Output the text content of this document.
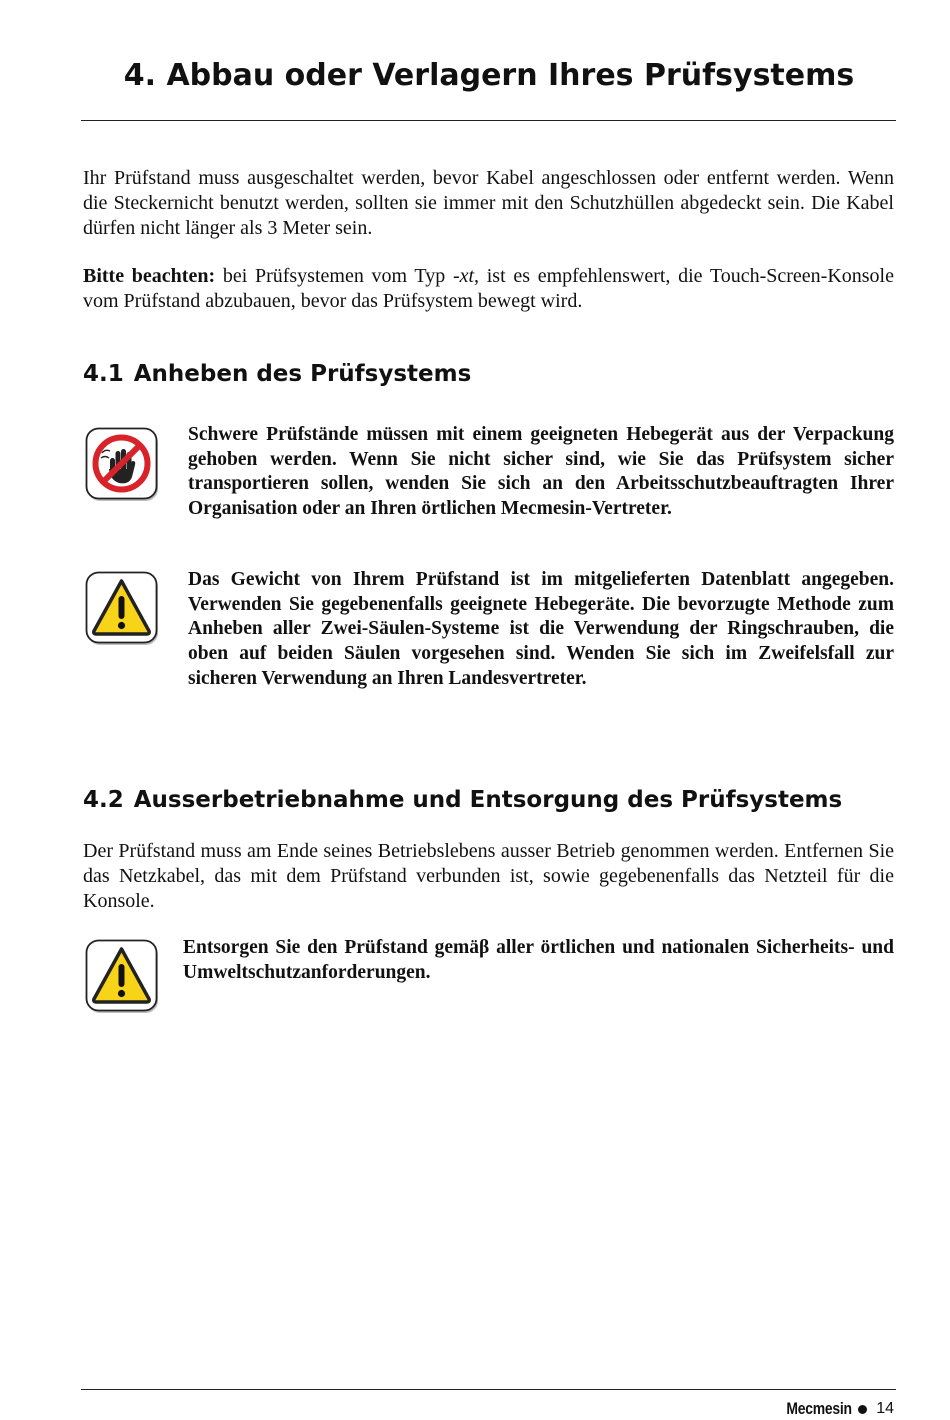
4. Abbau oder Verlagern Ihres Prüfsystems

Ihr Prüfstand muss ausgeschaltet werden, bevor Kabel angeschlossen oder entfernt werden. Wenn die Steckernicht benutzt werden, sollten sie immer mit den Schutzhüllen abgedeckt sein. Die Kabel dürfen nicht länger als 3 Meter sein.

Bitte beachten: bei Prüfsystemen vom Typ -xt, ist es empfehlenswert, die Touch-Screen-Konsole vom Prüfstand abzubauen, bevor das Prüfsystem bewegt wird.

4.1 Anheben des Prüfsystems

Schwere Prüfstände müssen mit einem geeigneten Hebegerät aus der Verpackung gehoben werden. Wenn Sie nicht sicher sind, wie Sie das Prüfsystem sicher transportieren sollen, wenden Sie sich an den Arbeitsschutzbeauftragten Ihrer Organisation oder an Ihren örtlichen Mecmesin-Vertreter.

Das Gewicht von Ihrem Prüfstand ist im mitgelieferten Datenblatt angegeben. Verwenden Sie gegebenenfalls geeignete Hebegeräte. Die bevorzugte Methode zum Anheben aller Zwei-Säulen-Systeme ist die Verwendung der Ringschrauben, die oben auf beiden Säulen vorgesehen sind. Wenden Sie sich im Zweifelsfall zur sicheren Verwendung an Ihren Landesvertreter.

4.2 Ausserbetriebnahme und Entsorgung des Prüfsystems

Der Prüfstand muss am Ende seines Betriebslebens ausser Betrieb genommen werden. Entfernen Sie das Netzkabel, das mit dem Prüfstand verbunden ist, sowie gegebenenfalls das Netzteil für die Konsole.

Entsorgen Sie den Prüfstand gemäβ aller örtlichen und nationalen Sicherheits- und Umweltschutzanforderungen.

Mecmesin 14
